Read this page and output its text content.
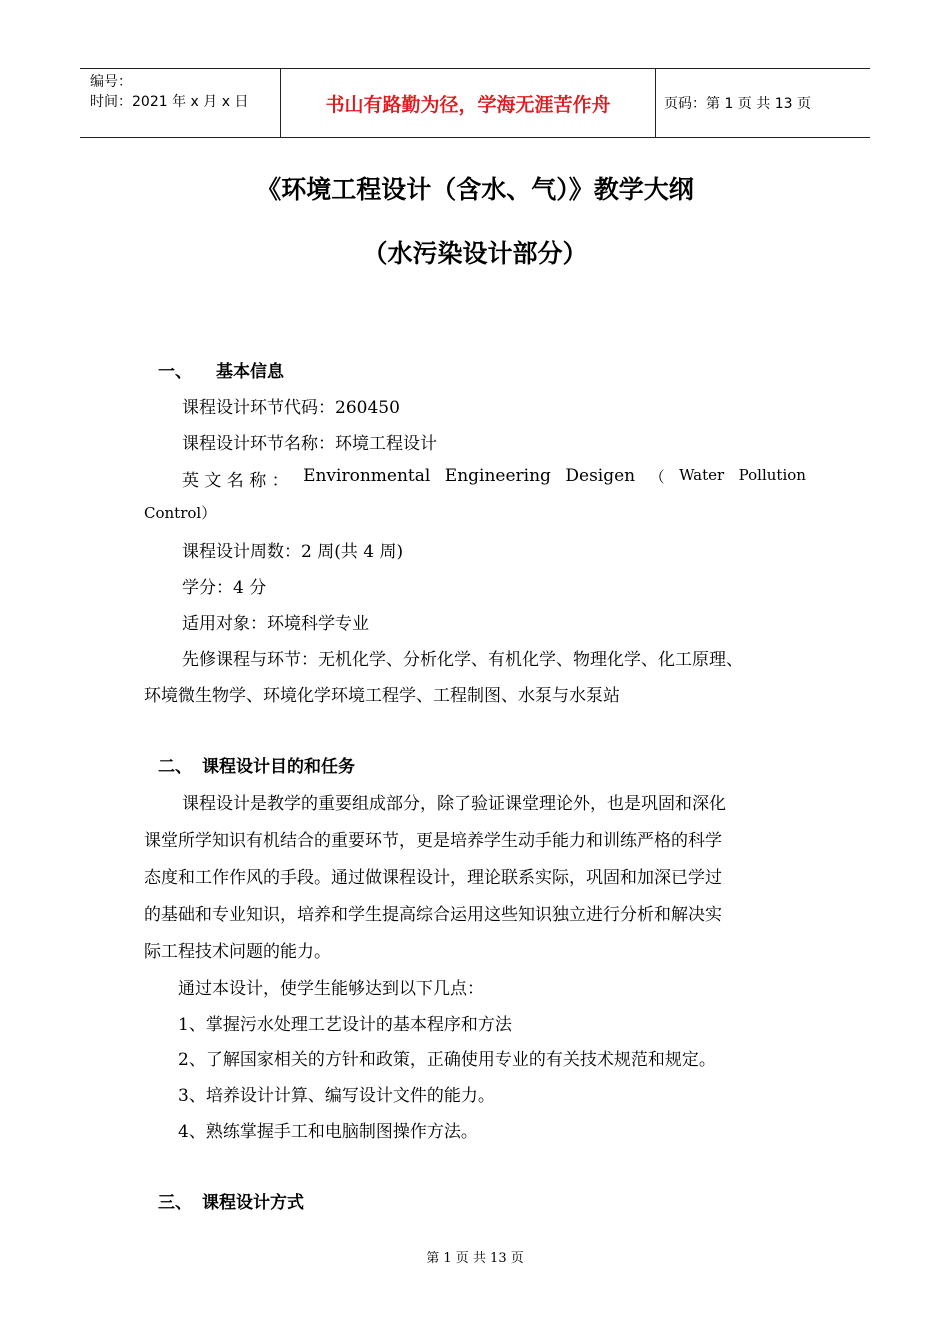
编号：
时间：2021 年 x 月 x 日	书山有路勤为径，学海无涯苦作舟	页码：第 1 页 共 13 页
《环境工程设计（含水、气）》教学大纲
（水污染设计部分）
一、 基本信息
课程设计环节代码：260450
课程设计环节名称：环境工程设计
英 文 名 称 ： Environmental Engineering Desigen （ Water Pollution
Control）
课程设计周数：2 周(共 4 周)
学分：4 分
适用对象：环境科学专业
先修课程与环节：无机化学、分析化学、有机化学、物理化学、化工原理、
环境微生物学、环境化学环境工程学、工程制图、水泵与水泵站
二、 课程设计目的和任务
课程设计是教学的重要组成部分，除了验证课堂理论外，也是巩固和深化
课堂所学知识有机结合的重要环节，更是培养学生动手能力和训练严格的科学
态度和工作作风的手段。通过做课程设计，理论联系实际，巩固和加深已学过
的基础和专业知识，培养和学生提高综合运用这些知识独立进行分析和解决实
际工程技术问题的能力。
通过本设计，使学生能够达到以下几点：
1、掌握污水处理工艺设计的基本程序和方法
2、了解国家相关的方针和政策，正确使用专业的有关技术规范和规定。
3、培养设计计算、编写设计文件的能力。
4、熟练掌握手工和电脑制图操作方法。
三、 课程设计方式
第 1 页 共 13 页
